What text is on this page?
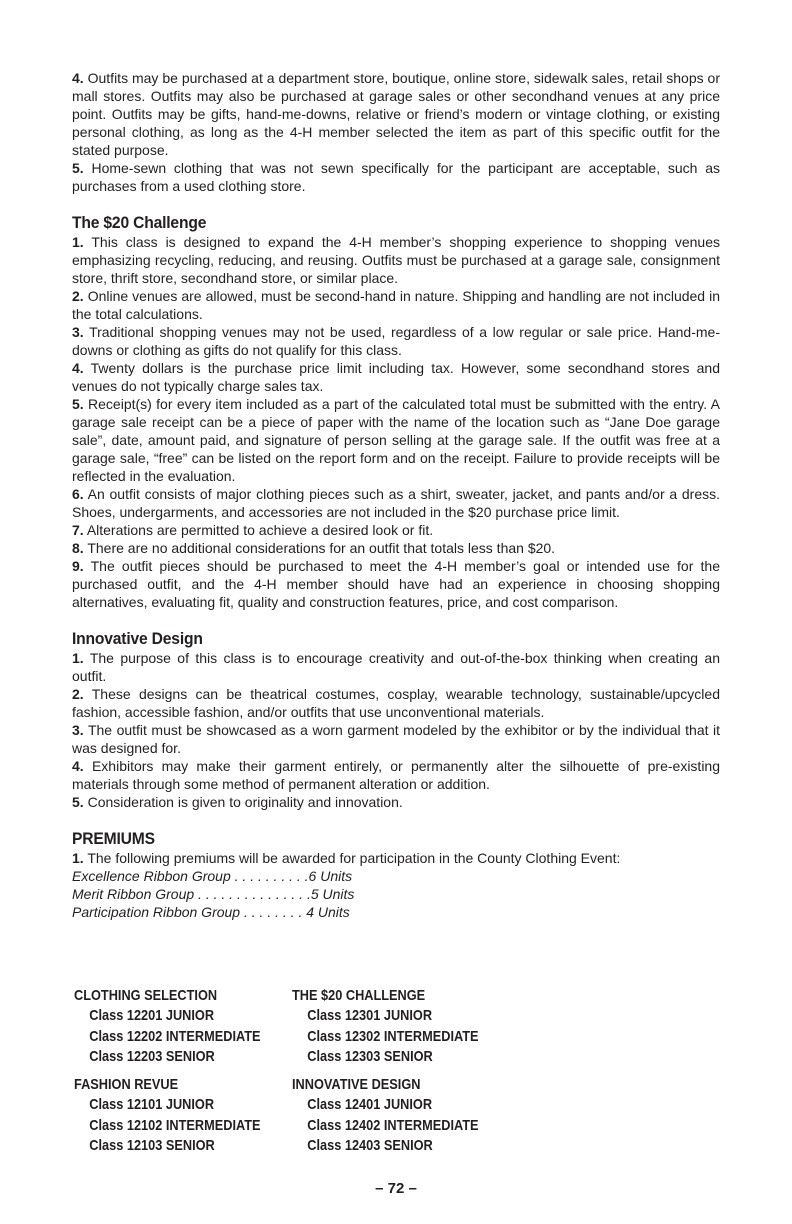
4. Outfits may be purchased at a department store, boutique, online store, sidewalk sales, retail shops or mall stores. Outfits may also be purchased at garage sales or other secondhand venues at any price point. Outfits may be gifts, hand-me-downs, relative or friend’s modern or vintage clothing, or existing personal clothing, as long as the 4-H member selected the item as part of this specific outfit for the stated purpose.

5. Home-sewn clothing that was not sewn specifically for the participant are acceptable, such as purchases from a used clothing store.

The $20 Challenge

1. This class is designed to expand the 4-H member’s shopping experience to shopping venues emphasizing recycling, reducing, and reusing. Outfits must be purchased at a garage sale, consignment store, thrift store, secondhand store, or similar place.

2. Online venues are allowed, must be second-hand in nature. Shipping and handling are not included in the total calculations.

3. Traditional shopping venues may not be used, regardless of a low regular or sale price. Hand-me-downs or clothing as gifts do not qualify for this class.

4. Twenty dollars is the purchase price limit including tax. However, some secondhand stores and venues do not typically charge sales tax.

5. Receipt(s) for every item included as a part of the calculated total must be submitted with the entry. A garage sale receipt can be a piece of paper with the name of the location such as “Jane Doe garage sale”, date, amount paid, and signature of person selling at the garage sale. If the outfit was free at a garage sale, “free” can be listed on the report form and on the receipt. Failure to provide receipts will be reflected in the evaluation.

6. An outfit consists of major clothing pieces such as a shirt, sweater, jacket, and pants and/or a dress. Shoes, undergarments, and accessories are not included in the $20 purchase price limit.

7. Alterations are permitted to achieve a desired look or fit.

8. There are no additional considerations for an outfit that totals less than $20.

9. The outfit pieces should be purchased to meet the 4-H member’s goal or intended use for the purchased outfit, and the 4-H member should have had an experience in choosing shopping alternatives, evaluating fit, quality and construction features, price, and cost comparison.

Innovative Design

1. The purpose of this class is to encourage creativity and out-of-the-box thinking when creating an outfit.

2. These designs can be theatrical costumes, cosplay, wearable technology, sustainable/upcycled fashion, accessible fashion, and/or outfits that use unconventional materials.

3. The outfit must be showcased as a worn garment modeled by the exhibitor or by the individual that it was designed for.

4. Exhibitors may make their garment entirely, or permanently alter the silhouette of pre-existing materials through some method of permanent alteration or addition.

5. Consideration is given to originality and innovation.

PREMIUMS

1. The following premiums will be awarded for participation in the County Clothing Event:

Excellence Ribbon Group . . . . . . . . . .6 Units

Merit Ribbon Group . . . . . . . . . . . . . . .5 Units

Participation Ribbon Group . . . . . . . . 4 Units

CLOTHING SELECTION
Class 12201 JUNIOR
Class 12202 INTERMEDIATE
Class 12203 SENIOR
THE $20 CHALLENGE
Class 12301 JUNIOR
Class 12302 INTERMEDIATE
Class 12303 SENIOR
FASHION REVUE
Class 12101 JUNIOR
Class 12102 INTERMEDIATE
Class 12103 SENIOR
INNOVATIVE DESIGN
Class 12401 JUNIOR
Class 12402 INTERMEDIATE
Class 12403 SENIOR
– 72 –
